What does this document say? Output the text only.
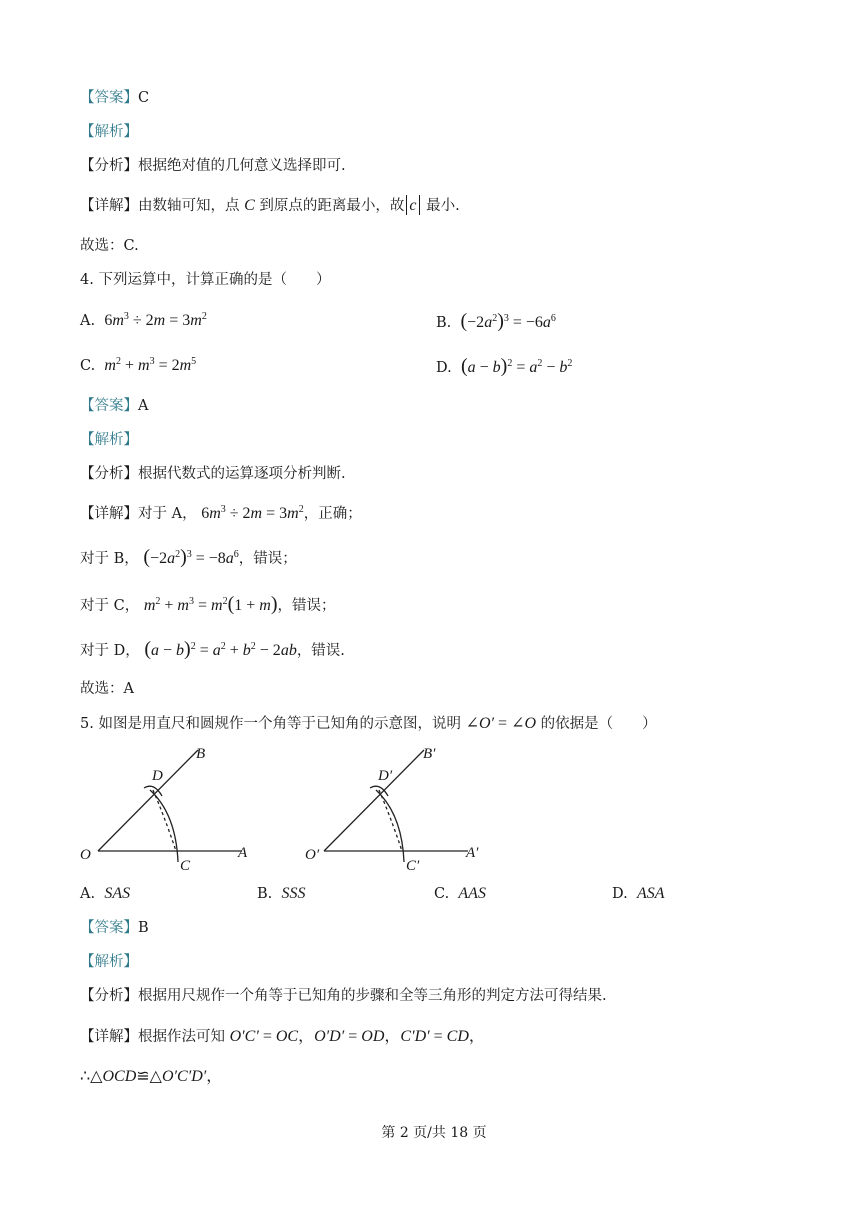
【答案】C
【解析】
【分析】根据绝对值的几何意义选择即可.
【详解】由数轴可知，点 C 到原点的距离最小，故 c 最小.
故选：C.
4. 下列运算中，计算正确的是（　　）
A. $6m^3 \div 2m = 3m^2$	B. $(-2a^2)^3 = -6a^6$
C. $m^2 + m^3 = 2m^5$	D. $(a - b)^2 = a^2 - b^2$
【答案】A
【解析】
【分析】根据代数式的运算逐项分析判断.
【详解】对于 A， $6m^3 \div 2m = 3m^2$，正确；
对于 B， $(-2a^2)^3 = -8a^6$，错误；
对于 C， $m^2 + m^3 = m^2(1 + m)$，错误；
对于 D， $(a - b)^2 = a^2 + b^2 - 2ab$，错误.
故选：A
5. 如图是用直尺和圆规作一个角等于已知角的示意图，说明 ∠O′ = ∠O 的依据是（　　）
O	A
B
C
D
O′	A′
B′
C′
D′
A. SAS	B. SSS	C. AAS	D. ASA
【答案】B
【解析】
【分析】根据用尺规作一个角等于已知角的步骤和全等三角形的判定方法可得结果.
【详解】根据作法可知 O′C′ = OC，O′D′ = OD，C′D′ = CD，
∴△OCD≌△O′C′D′，
第 2 页/共 18 页
